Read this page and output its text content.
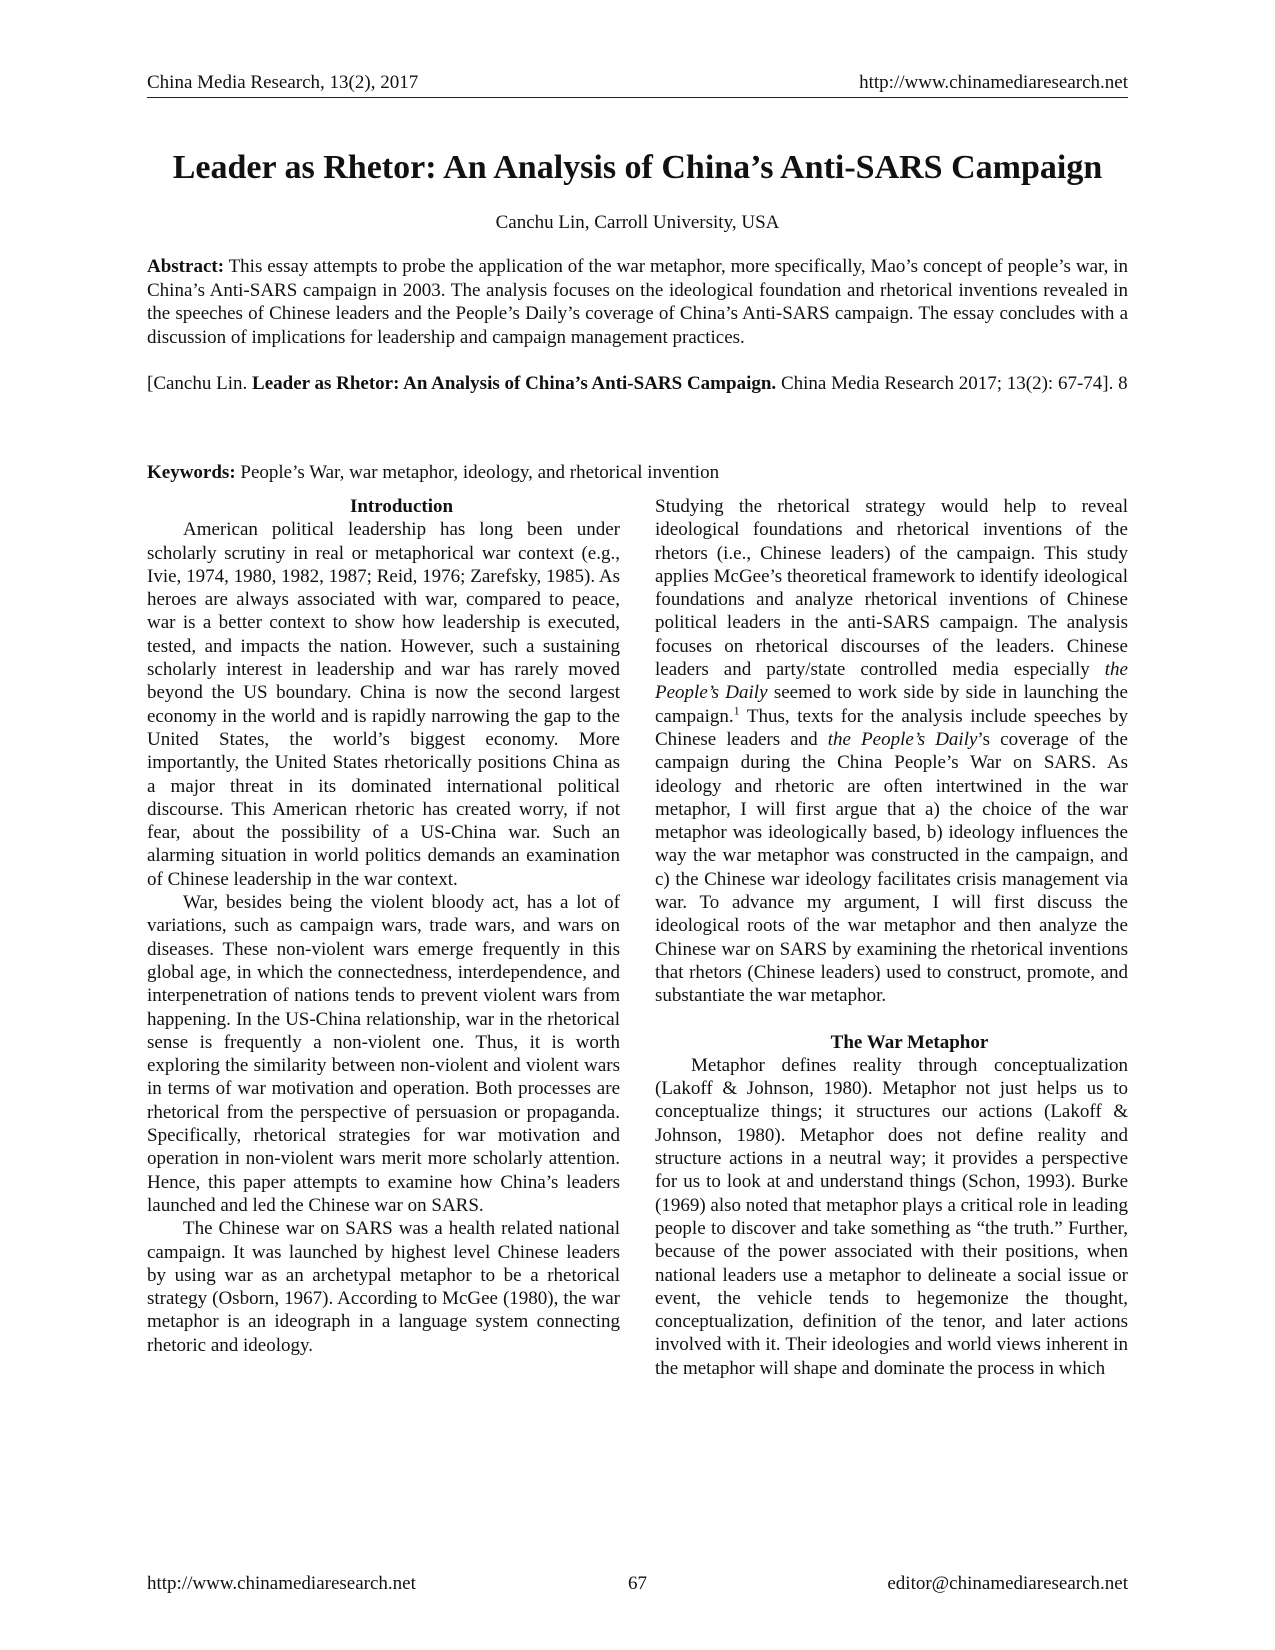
China Media Research, 13(2), 2017	http://www.chinamediaresearch.net
Leader as Rhetor: An Analysis of China’s Anti-SARS Campaign
Canchu Lin, Carroll University, USA
Abstract: This essay attempts to probe the application of the war metaphor, more specifically, Mao’s concept of people’s war, in China’s Anti-SARS campaign in 2003. The analysis focuses on the ideological foundation and rhetorical inventions revealed in the speeches of Chinese leaders and the People’s Daily’s coverage of China’s Anti-SARS campaign. The essay concludes with a discussion of implications for leadership and campaign management practices.
[Canchu Lin. Leader as Rhetor: An Analysis of China’s Anti-SARS Campaign. China Media Research 2017; 13(2): 67-74]. 8
Keywords: People’s War, war metaphor, ideology, and rhetorical invention

Introduction

American political leadership has long been under scholarly scrutiny in real or metaphorical war context (e.g., Ivie, 1974, 1980, 1982, 1987; Reid, 1976; Zarefsky, 1985). As heroes are always associated with war, compared to peace, war is a better context to show how leadership is executed, tested, and impacts the nation. However, such a sustaining scholarly interest in leadership and war has rarely moved beyond the US boundary. China is now the second largest economy in the world and is rapidly narrowing the gap to the United States, the world’s biggest economy. More importantly, the United States rhetorically positions China as a major threat in its dominated international political discourse. This American rhetoric has created worry, if not fear, about the possibility of a US-China war. Such an alarming situation in world politics demands an examination of Chinese leadership in the war context.

War, besides being the violent bloody act, has a lot of variations, such as campaign wars, trade wars, and wars on diseases. These non-violent wars emerge frequently in this global age, in which the connectedness, interdependence, and interpenetration of nations tends to prevent violent wars from happening. In the US-China relationship, war in the rhetorical sense is frequently a non-violent one. Thus, it is worth exploring the similarity between non-violent and violent wars in terms of war motivation and operation. Both processes are rhetorical from the perspective of persuasion or propaganda. Specifically, rhetorical strategies for war motivation and operation in non-violent wars merit more scholarly attention. Hence, this paper attempts to examine how China’s leaders launched and led the Chinese war on SARS.

The Chinese war on SARS was a health related national campaign. It was launched by highest level Chinese leaders by using war as an archetypal metaphor to be a rhetorical strategy (Osborn, 1967). According to McGee (1980), the war metaphor is an ideograph in a language system connecting rhetoric and ideology.

Studying the rhetorical strategy would help to reveal ideological foundations and rhetorical inventions of the rhetors (i.e., Chinese leaders) of the campaign. This study applies McGee’s theoretical framework to identify ideological foundations and analyze rhetorical inventions of Chinese political leaders in the anti-SARS campaign. The analysis focuses on rhetorical discourses of the leaders. Chinese leaders and party/state controlled media especially the People’s Daily seemed to work side by side in launching the campaign.$^1$ Thus, texts for the analysis include speeches by Chinese leaders and the People’s Daily’s coverage of the campaign during the China People’s War on SARS. As ideology and rhetoric are often intertwined in the war metaphor, I will first argue that a) the choice of the war metaphor was ideologically based, b) ideology influences the way the war metaphor was constructed in the campaign, and c) the Chinese war ideology facilitates crisis management via war. To advance my argument, I will first discuss the ideological roots of the war metaphor and then analyze the Chinese war on SARS by examining the rhetorical inventions that rhetors (Chinese leaders) used to construct, promote, and substantiate the war metaphor.

The War Metaphor

Metaphor defines reality through conceptualization (Lakoff & Johnson, 1980). Metaphor not just helps us to conceptualize things; it structures our actions (Lakoff & Johnson, 1980). Metaphor does not define reality and structure actions in a neutral way; it provides a perspective for us to look at and understand things (Schon, 1993). Burke (1969) also noted that metaphor plays a critical role in leading people to discover and take something as “the truth.” Further, because of the power associated with their positions, when national leaders use a metaphor to delineate a social issue or event, the vehicle tends to hegemonize the thought, conceptualization, definition of the tenor, and later actions involved with it. Their ideologies and world views inherent in the metaphor will shape and dominate the process in which

http://www.chinamediaresearch.net	67	editor@chinamediaresearch.net
